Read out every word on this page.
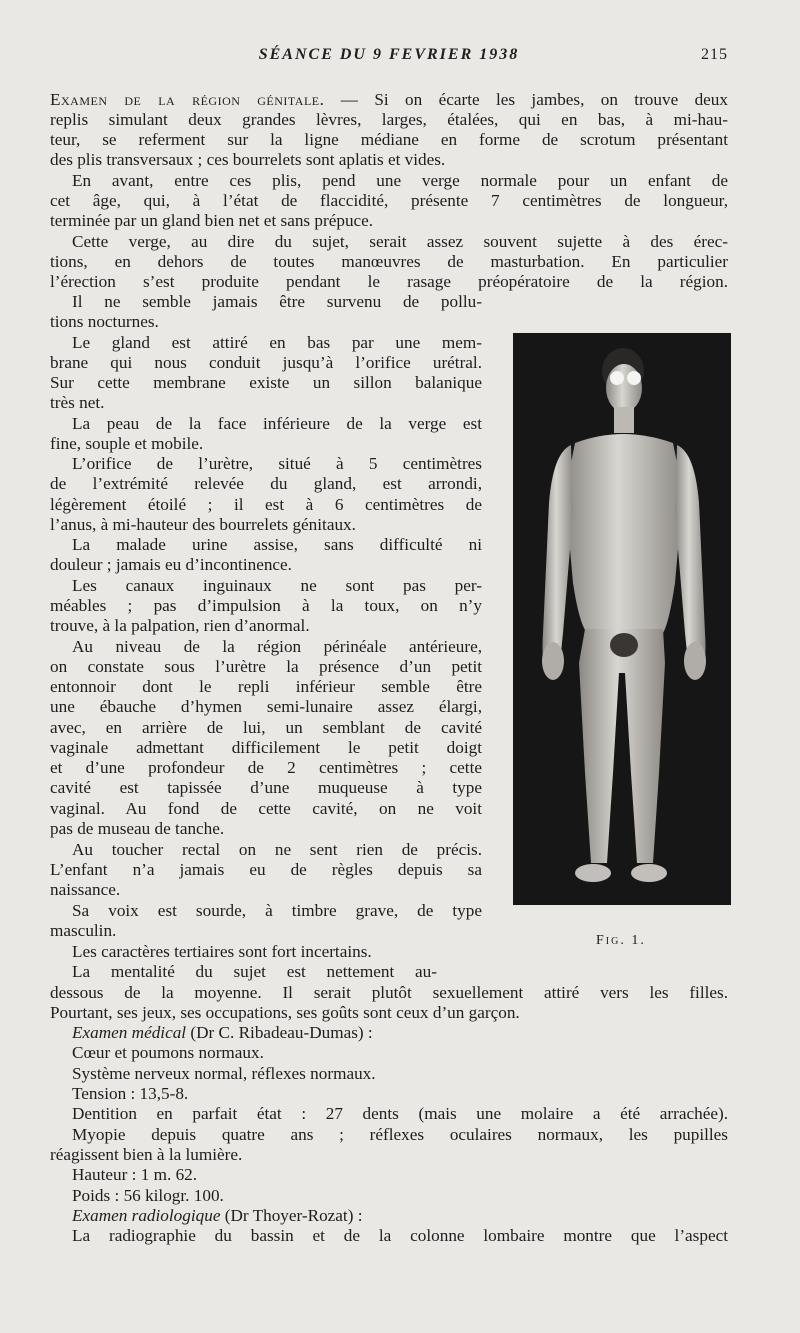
SÉANCE DU 9 FEVRIER 1938	215
Examen de la région génitale. — Si on écarte les jambes, on trouve deux
replis simulant deux grandes lèvres, larges, étalées, qui en bas, à mi-hau-
teur, se referment sur la ligne médiane en forme de scrotum présentant
des plis transversaux ; ces bourrelets sont aplatis et vides.
En avant, entre ces plis, pend une verge normale pour un enfant de
cet âge, qui, à l’état de flaccidité, présente 7 centimètres de longueur,
terminée par un gland bien net et sans prépuce.
Cette verge, au dire du sujet, serait assez souvent sujette à des érec-
tions, en dehors de toutes manœuvres de masturbation. En particulier
l’érection s’est produite pendant le rasage préopératoire de la région.
Il ne semble jamais être survenu de pollu-
tions nocturnes.
Le gland est attiré en bas par une mem-
brane qui nous conduit jusqu’à l’orifice urétral.
Sur cette membrane existe un sillon balanique
très net.
La peau de la face inférieure de la verge est
fine, souple et mobile.
L’orifice de l’urètre, situé à 5 centimètres
de l’extrémité relevée du gland, est arrondi,
légèrement étoilé ; il est à 6 centimètres de
l’anus, à mi-hauteur des bourrelets génitaux.
La malade urine assise, sans difficulté ni
douleur ; jamais eu d’incontinence.
Les canaux inguinaux ne sont pas per-
méables ; pas d’impulsion à la toux, on n’y
trouve, à la palpation, rien d’anormal.
Au niveau de la région périnéale antérieure,
on constate sous l’urètre la présence d’un petit
entonnoir dont le repli inférieur semble être
une ébauche d’hymen semi-lunaire assez élargi,
avec, en arrière de lui, un semblant de cavité
vaginale admettant difficilement le petit doigt
et d’une profondeur de 2 centimètres ; cette
cavité est tapissée d’une muqueuse à type
vaginal. Au fond de cette cavité, on ne voit
pas de museau de tanche.
Au toucher rectal on ne sent rien de précis.
L’enfant n’a jamais eu de règles depuis sa
naissance.
Sa voix est sourde, à timbre grave, de type
masculin.
Les caractères tertiaires sont fort incertains.
La mentalité du sujet est nettement au-
dessous de la moyenne. Il serait plutôt sexuellement attiré vers les filles.
Pourtant, ses jeux, ses occupations, ses goûts sont ceux d’un garçon.
Examen médical (Dr C. Ribadeau-Dumas) :
Cœur et poumons normaux.
Système nerveux normal, réflexes normaux.
Tension : 13,5-8.
Dentition en parfait état : 27 dents (mais une molaire a été arrachée).
Myopie depuis quatre ans ; réflexes oculaires normaux, les pupilles
réagissent bien à la lumière.
Hauteur : 1 m. 62.
Poids : 56 kilogr. 100.
Examen radiologique (Dr Thoyer-Rozat) :
La radiographie du bassin et de la colonne lombaire montre que l’aspect
Fig. 1.
